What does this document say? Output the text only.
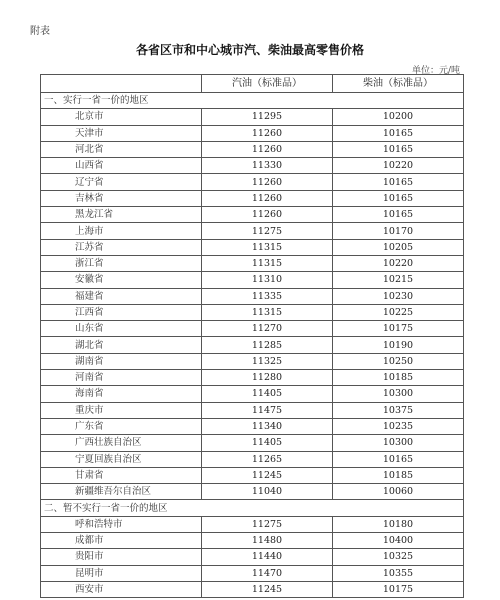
附表
各省区市和中心城市汽、柴油最高零售价格
单位：元/吨
	汽油（标准品）	柴油（标准品）
一、实行一省一价的地区		
北京市	11295	10200
天津市	11260	10165
河北省	11260	10165
山西省	11330	10220
辽宁省	11260	10165
吉林省	11260	10165
黑龙江省	11260	10165
上海市	11275	10170
江苏省	11315	10205
浙江省	11315	10220
安徽省	11310	10215
福建省	11335	10230
江西省	11315	10225
山东省	11270	10175
湖北省	11285	10190
湖南省	11325	10250
河南省	11280	10185
海南省	11405	10300
重庆市	11475	10375
广东省	11340	10235
广西壮族自治区	11405	10300
宁夏回族自治区	11265	10165
甘肃省	11245	10185
新疆维吾尔自治区	11040	10060
二、暂不实行一省一价的地区		
呼和浩特市	11275	10180
成都市	11480	10400
贵阳市	11440	10325
昆明市	11470	10355
西安市	11245	10175
